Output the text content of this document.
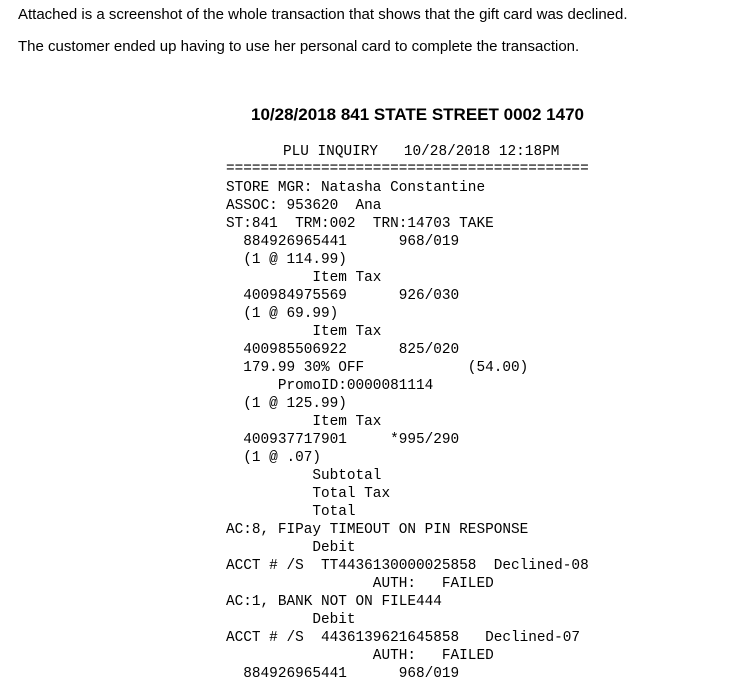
Attached is a screenshot of the whole transaction that shows that the gift card was declined.
The customer ended up having to use her personal card to complete the transaction.
10/28/2018 841 STATE STREET 0002 1470
PLU INQUIRY   10/28/2018 12:18PM
==========================================
STORE MGR: Natasha Constantine
ASSOC: 953620  Ana
ST:841  TRM:002  TRN:14703 TAKE
884926965441      968/019
(1 @ 114.99)
Item Tax
400984975569      926/030
(1 @ 69.99)
Item Tax
400985506922      825/020
179.99 30% OFF            (54.00)
PromoID:0000081114
(1 @ 125.99)
Item Tax
400937717901     *995/290
(1 @ .07)
Subtotal
Total Tax
Total
AC:8, FIPay TIMEOUT ON PIN RESPONSE
Debit
ACCT # /S  TT4436130000025858  Declined-08
AUTH:   FAILED
AC:1, BANK NOT ON FILE444
Debit
ACCT # /S  4436139621645858   Declined-07
AUTH:   FAILED
884926965441      968/019
